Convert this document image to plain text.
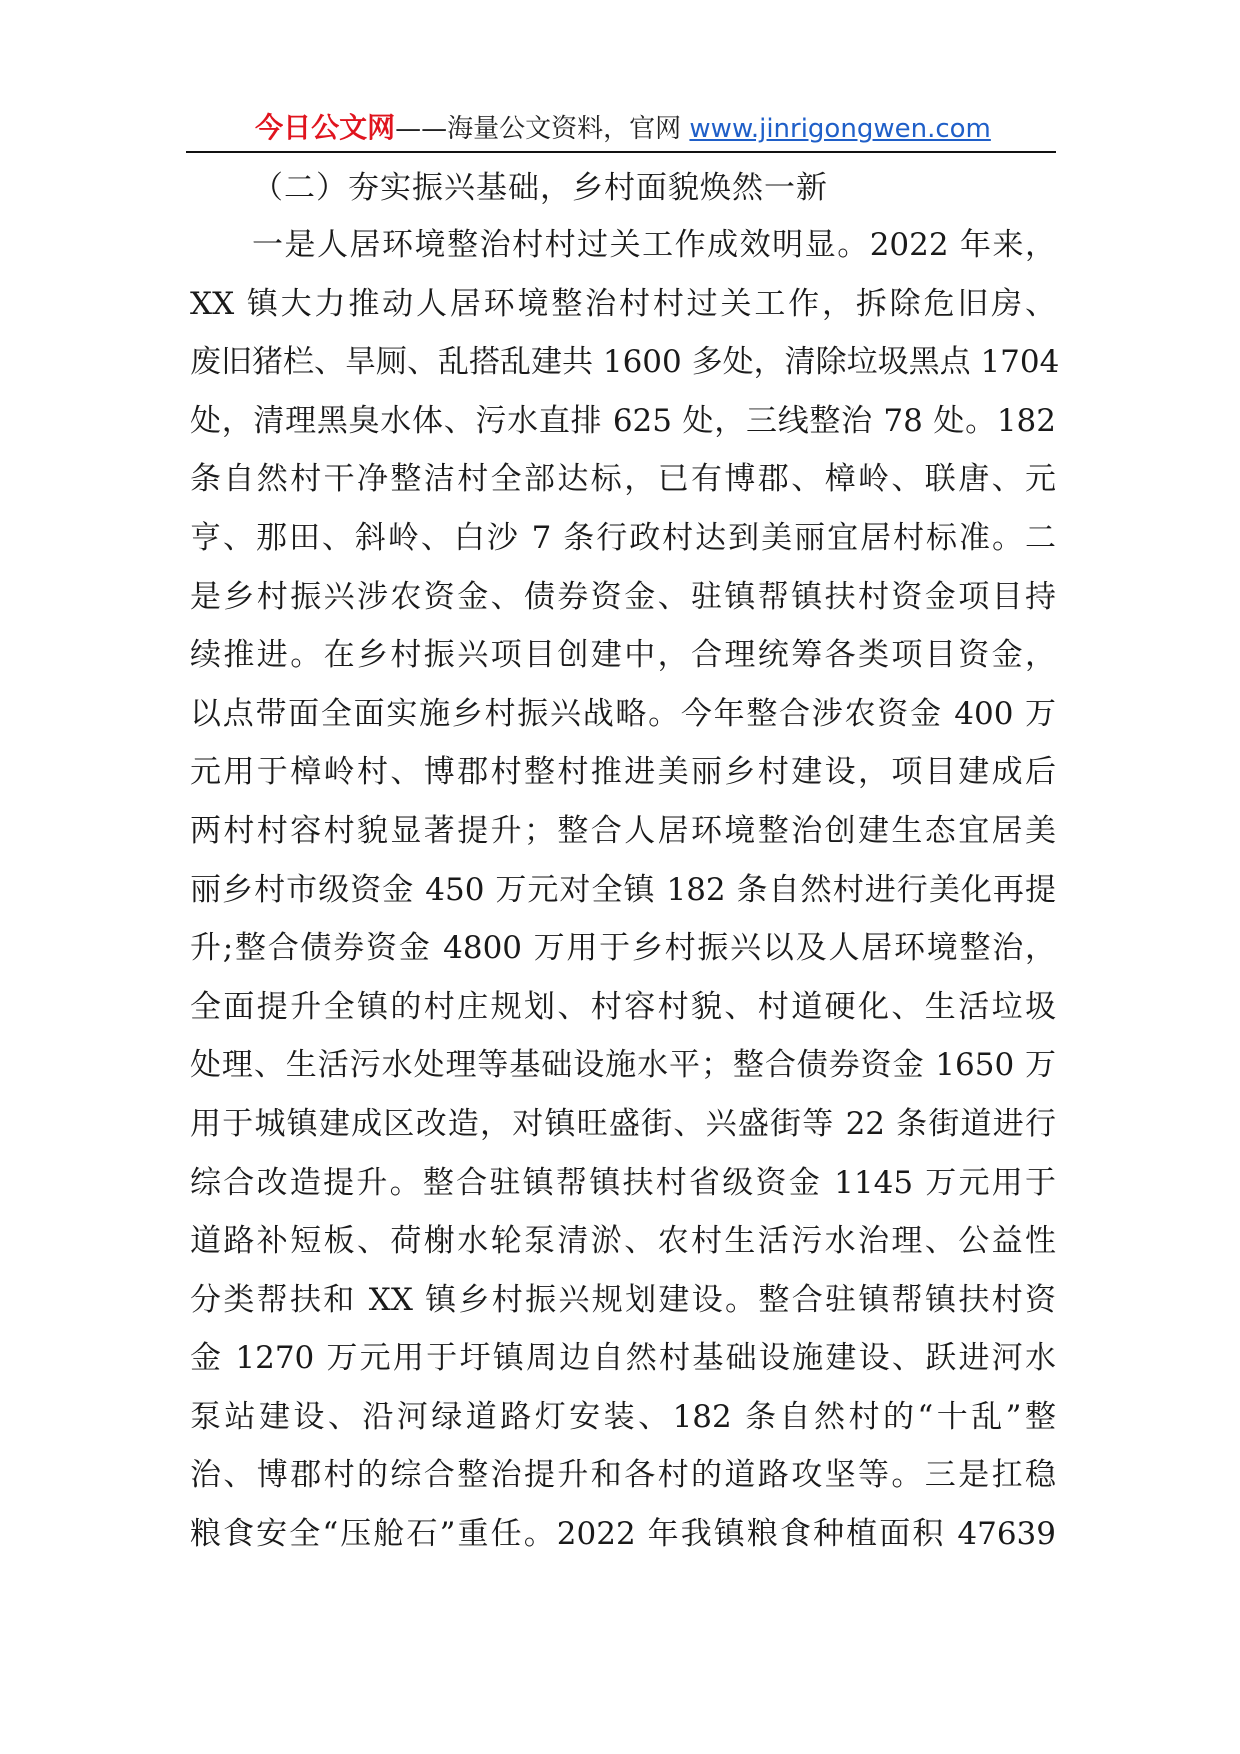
今日公文网——海量公文资料，官网 www.jinrigongwen.com
（二）夯实振兴基础，乡村面貌焕然一新

一是人居环境整治村村过关工作成效明显。2022 年来，

XX 镇大力推动人居环境整治村村过关工作，拆除危旧房、

废旧猪栏、旱厕、乱搭乱建共 1600 多处，清除垃圾黑点 1704

处，清理黑臭水体、污水直排 625 处，三线整治 78 处。182

条自然村干净整洁村全部达标，已有博郡、樟岭、联唐、元

亨、那田、斜岭、白沙 7 条行政村达到美丽宜居村标准。二

是乡村振兴涉农资金、债券资金、驻镇帮镇扶村资金项目持

续推进。在乡村振兴项目创建中，合理统筹各类项目资金，

以点带面全面实施乡村振兴战略。今年整合涉农资金 400 万

元用于樟岭村、博郡村整村推进美丽乡村建设，项目建成后

两村村容村貌显著提升；整合人居环境整治创建生态宜居美

丽乡村市级资金 450 万元对全镇 182 条自然村进行美化再提

升;整合债券资金 4800 万用于乡村振兴以及人居环境整治，

全面提升全镇的村庄规划、村容村貌、村道硬化、生活垃圾

处理、生活污水处理等基础设施水平；整合债券资金 1650 万

用于城镇建成区改造，对镇旺盛街、兴盛街等 22 条街道进行

综合改造提升。整合驻镇帮镇扶村省级资金 1145 万元用于

道路补短板、荷榭水轮泵清淤、农村生活污水治理、公益性

分类帮扶和 XX 镇乡村振兴规划建设。整合驻镇帮镇扶村资

金 1270 万元用于圩镇周边自然村基础设施建设、跃进河水

泵站建设、沿河绿道路灯安装、182 条自然村的“十乱”整

治、博郡村的综合整治提升和各村的道路攻坚等。三是扛稳

粮食安全“压舱石”重任。2022 年我镇粮食种植面积 47639
